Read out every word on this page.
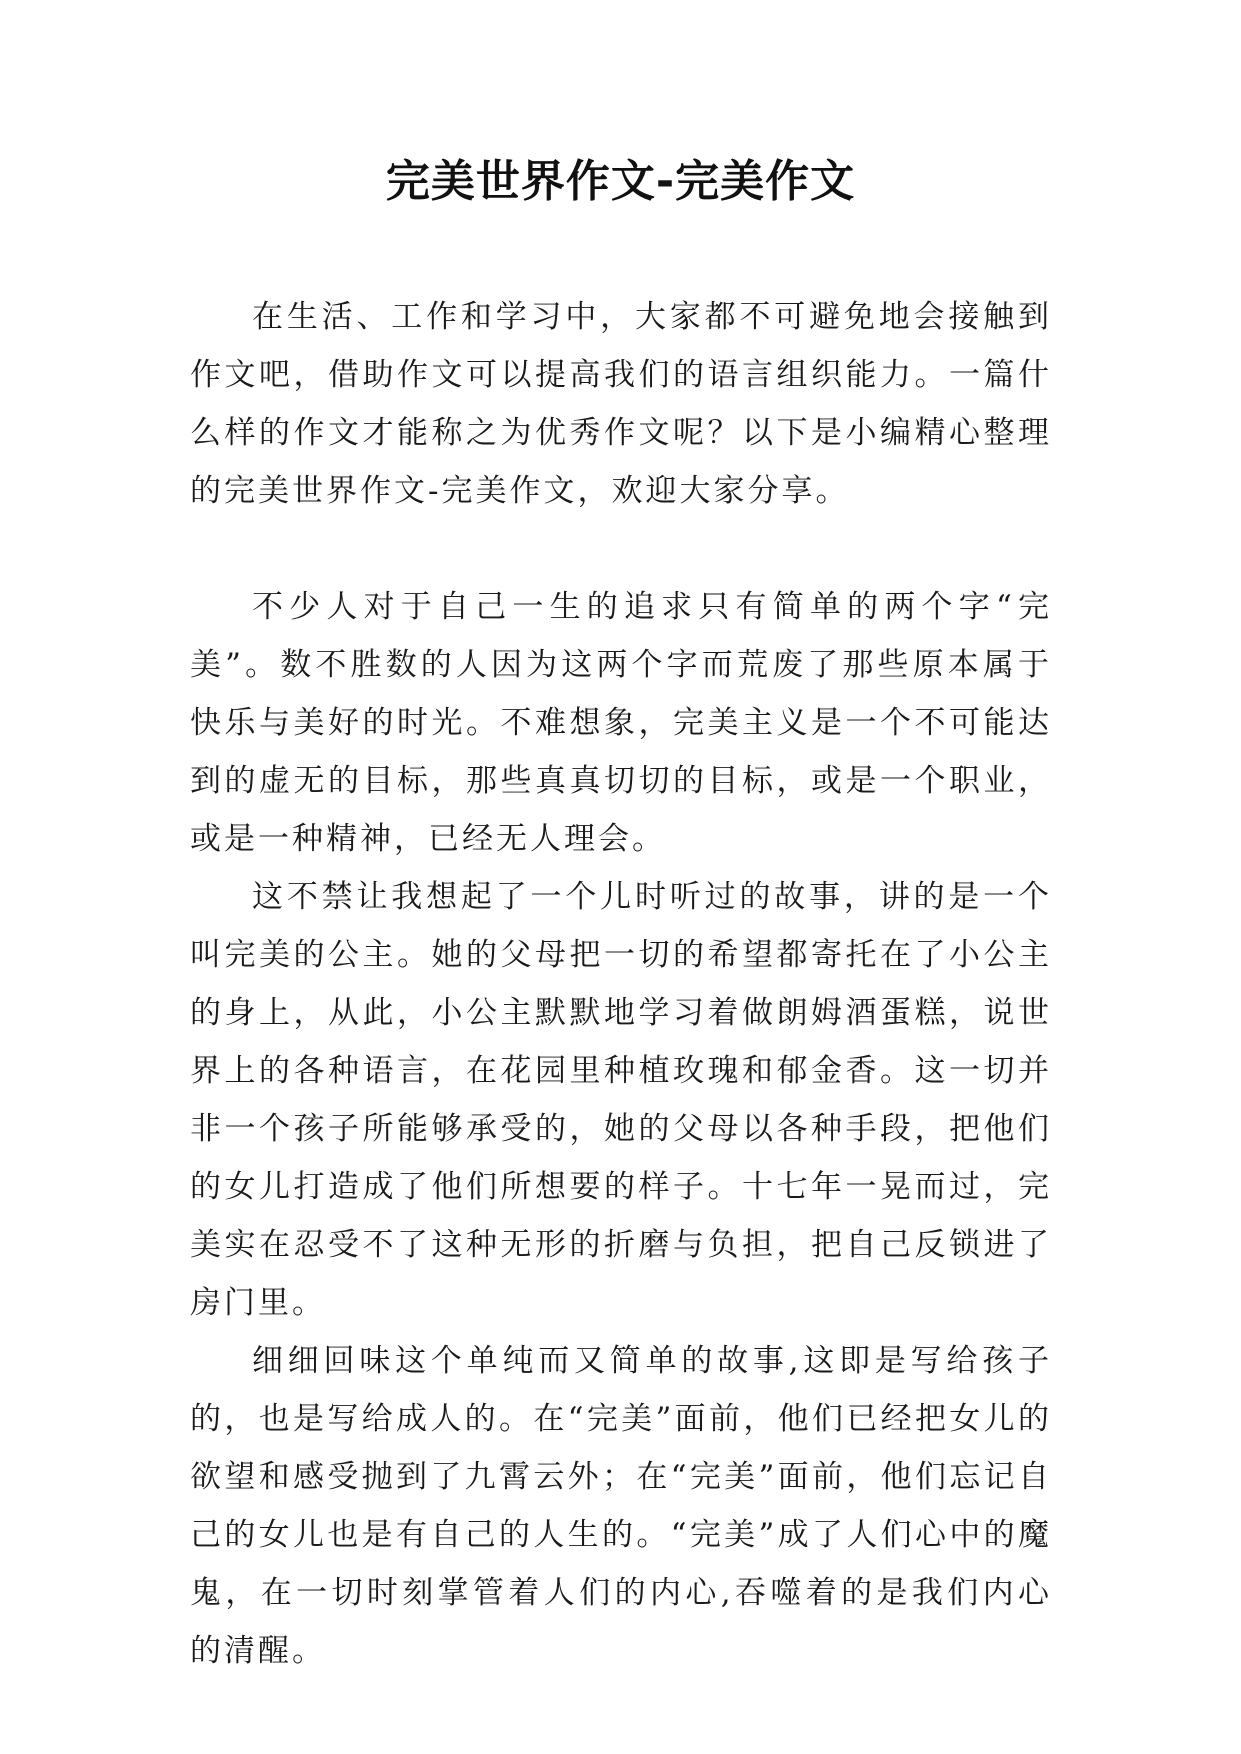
完美世界作文-完美作文

在生活、工作和学习中，大家都不可避免地会接触到作文吧，借助作文可以提高我们的语言组织能力。一篇什么样的作文才能称之为优秀作文呢？以下是小编精心整理的完美世界作文-完美作文，欢迎大家分享。

不少人对于自己一生的追求只有简单的两个字“完美”。数不胜数的人因为这两个字而荒废了那些原本属于快乐与美好的时光。不难想象，完美主义是一个不可能达到的虚无的目标，那些真真切切的目标，或是一个职业，或是一种精神，已经无人理会。

这不禁让我想起了一个儿时听过的故事，讲的是一个叫完美的公主。她的父母把一切的希望都寄托在了小公主的身上，从此，小公主默默地学习着做朗姆酒蛋糕，说世界上的各种语言，在花园里种植玫瑰和郁金香。这一切并非一个孩子所能够承受的，她的父母以各种手段，把他们的女儿打造成了他们所想要的样子。十七年一晃而过，完美实在忍受不了这种无形的折磨与负担，把自己反锁进了房门里。

细细回味这个单纯而又简单的故事,这即是写给孩子的，也是写给成人的。在“完美”面前，他们已经把女儿的欲望和感受抛到了九霄云外；在“完美”面前，他们忘记自己的女儿也是有自己的人生的。“完美”成了人们心中的魔鬼，在一切时刻掌管着人们的内心,吞噬着的是我们内心的清醒。
